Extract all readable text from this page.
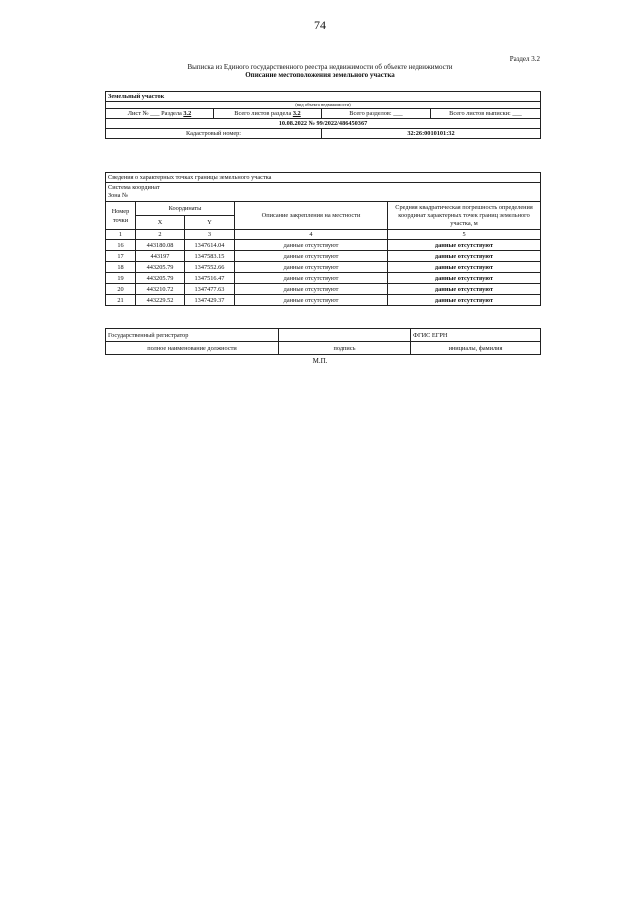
74
Раздел 3.2
Выписка из Единого государственного реестра недвижимости об объекте недвижимости
Описание местоположения земельного участка
Земельный участок			
(вид объекта недвижимости)			
Лист № ___ Раздела 3.2	Всего листов раздела 3.2	Всего разделов: ___	Всего листов выписки: ___
10.08.2022 № 99/2022/486450367			
Кадастровый номер:		32:26:0010101:32	
Сведения о характерных точках границы земельного участка				

Система координат
Зона №				

Номер точки	Координаты		Описание закрепления на местности	Средняя квадратическая погрешность определения координат характерных точек границ земельного участка, м
	X	Y		
1	2	3	4	5
16	443180.08	1347614.04	данные отсутствуют	данные отсутствуют
17	443197	1347583.15	данные отсутствуют	данные отсутствуют
18	443205.79	1347552.66	данные отсутствуют	данные отсутствуют
19	443205.79	1347516.47	данные отсутствуют	данные отсутствуют
20	443210.72	1347477.63	данные отсутствуют	данные отсутствуют
21	443229.52	1347429.37	данные отсутствуют	данные отсутствуют
Государственный регистратор		ФГИС ЕГРН
полное наименование должности	подпись	инициалы, фамилия
М.П.
